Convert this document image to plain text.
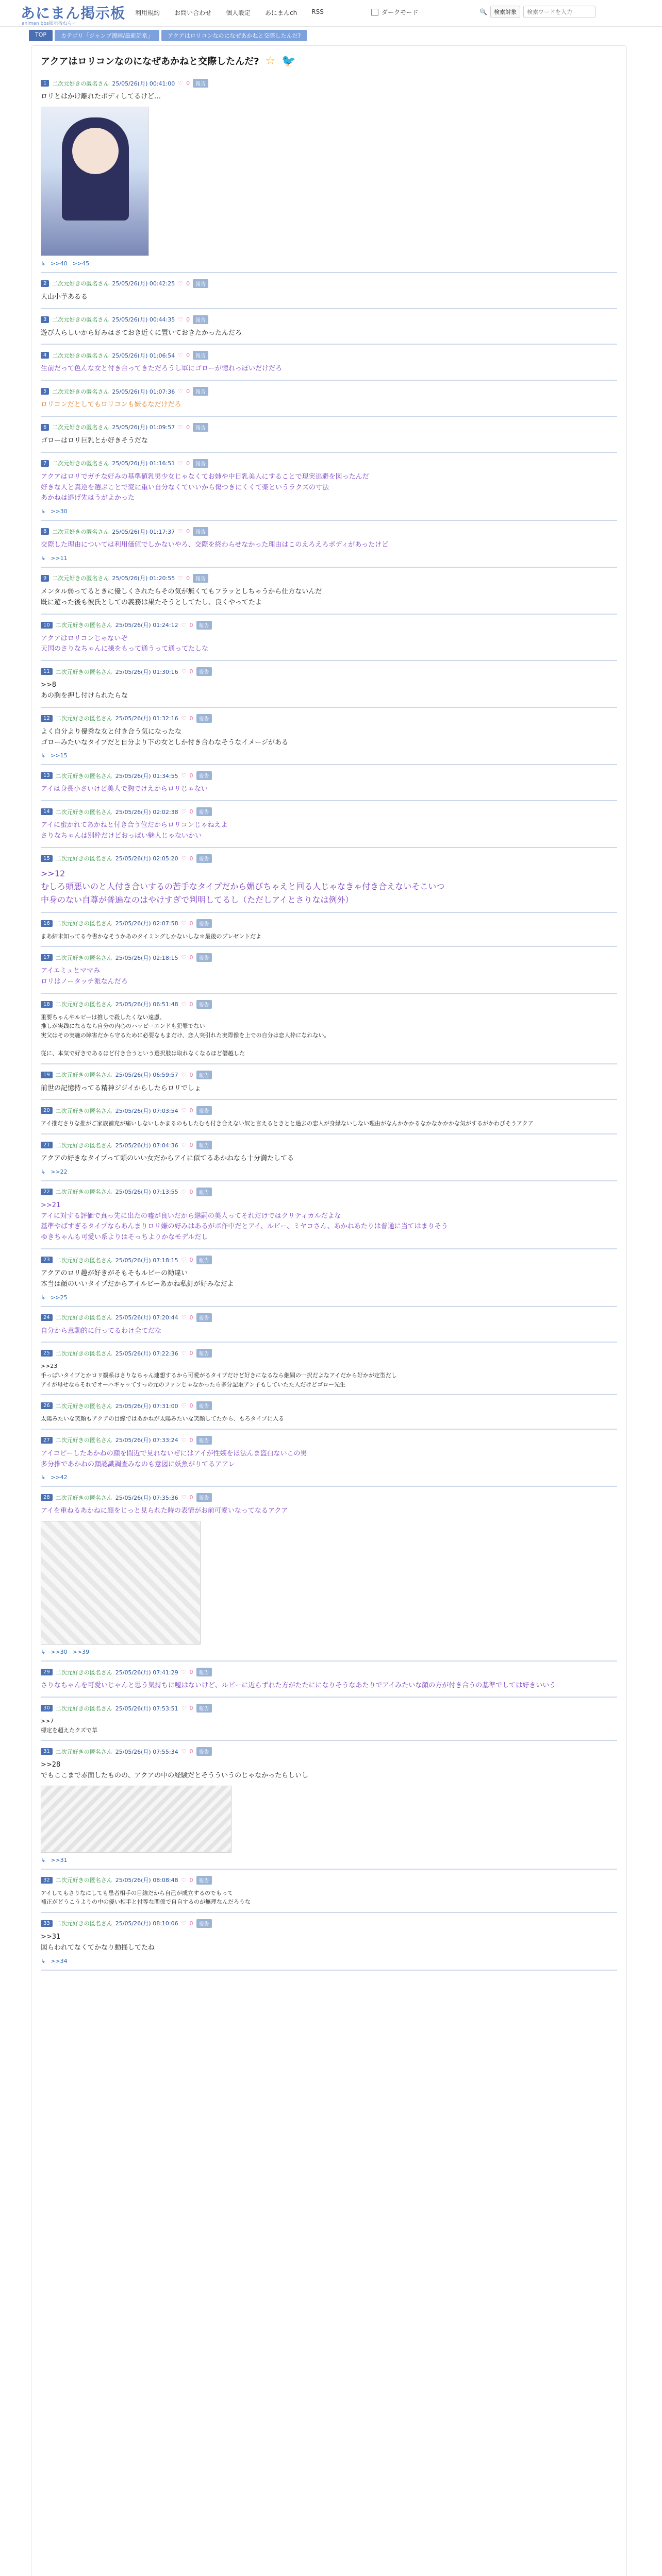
あにまん掲示板
animan bbs掲示板ねらー
利用規約 お問い合わせ 個人設定 あにまんch RSS	ダークモード	🔍	検索対象
検索ワードを入力
TOP	カテゴリ「ジャンプ漫画/最新話系」	アクアはロリコンなのになぜあかねと交際したんだ?
アクアはロリコンなのになぜあかねと交際したんだ? ☆ 🐦
1	二次元好きの匿名さん 25/05/26(月) 00:41:00 ♡ 0	報告
ロリとはかけ離れたボディしてるけど…
↳ >>40 >>45
2	二次元好きの匿名さん 25/05/26(月) 00:42:25 ♡ 0	報告
大山小芋あるる
3	二次元好きの匿名さん 25/05/26(月) 00:44:35 ♡ 0	報告
遊び人らしいから好みはさておき近くに置いておきたかったんだろ
4	二次元好きの匿名さん 25/05/26(月) 01:06:54 ♡ 0	報告
生前だって色んな女と付き合ってきただろうし軍にゴローが惚れっぽいだけだろ
5	二次元好きの匿名さん 25/05/26(月) 01:07:36 ♡ 0	報告
ロリコンだとしてもロリコンも嫌るなだけだろ
6	二次元好きの匿名さん 25/05/26(月) 01:09:57 ♡ 0	報告
ゴローはロリ巨乳とか好きそうだな
7	二次元好きの匿名さん 25/05/26(月) 01:16:51 ♡ 0	報告
アクアはロリでガチな好みの基準値乳男少女じゃなくてお姉や中日乳美人にすることで現実逃避を図ったんだ
好きな人と真逆を選ぶことで変に重い自分なくていいから傷つきにくくて楽というラクズの寸法
あかねは逃げ先はうがよかった
↳ >>30
8	二次元好きの匿名さん 25/05/26(月) 01:17:37 ♡ 0	報告
交際した理由については利用価値でしかないやろ、交際を終わらせなかった理由はこのえろえろボディがあったけど
↳ >>11
9	二次元好きの匿名さん 25/05/26(月) 01:20:55 ♡ 0	報告
メンタル弱ってるときに優しくされたらその気が無くてもフラッとしちゃうから仕方ないんだ
既に遊った後も彼氏としての義務は果たそうとしてたし、良くやってたよ
10	二次元好きの匿名さん 25/05/26(月) 01:24:12 ♡ 0	報告
アクアはロリコンじゃないぞ
天国のさりなちゃんに操をもって通うって通ってたしな
11	二次元好きの匿名さん 25/05/26(月) 01:30:16 ♡ 0	報告
>>8
あの胸を押し付けられたらな
12	二次元好きの匿名さん 25/05/26(月) 01:32:16 ♡ 0	報告
よく自分より優秀な女と付き合う気になったな
ゴローみたいなタイプだと自分より下の女としか付き合わなそうなイメージがある
↳ >>15
13	二次元好きの匿名さん 25/05/26(月) 01:34:55 ♡ 0	報告
アイは身長小さいけど美人で胸でけえからロリじゃない
14	二次元好きの匿名さん 25/05/26(月) 02:02:38 ♡ 0	報告
アイに蜜かれてあかねと付き合う位だからロリコンじゃねえよ
さりなちゃんは別枠だけどおっぱい魅人じゃないかい
15	二次元好きの匿名さん 25/05/26(月) 02:05:20 ♡ 0	報告
>>12
むしろ頭悪いのと人付き合いするの苦手なタイプだから媚びちゃえと回る人じゃなきゃ付き合えないそこいつ
中身のない自尊が普遍なのはやけすぎで判明してるし（ただしアイとさりなは例外）
16	二次元好きの匿名さん 25/05/26(月) 02:07:58 ♡ 0	報告
まあ結末知ってる今書かなそうかあのタイミングしかないしな＊最後のプレゼントだよ
17	二次元好きの匿名さん 25/05/26(月) 02:18:15 ♡ 0	報告
アイエミュとママみ
ロリはノータッチ派なんだろ
18	二次元好きの匿名さん 25/05/26(月) 06:51:48 ♡ 0	報告
重要ちゃんやルビーは推しで殺したくない遠慮、
推しが実践になるなら自分の内心のハッピーエンドも犯罪でない
実父はその実施の障害だから守るために必要なもまだけ、恋人突引れた実際像を上での自分は恋人枠になれない。

従に、本気で好きであるほど付き合うという選択肢は取れなくなるほど僭越した
19	二次元好きの匿名さん 25/05/26(月) 06:59:57 ♡ 0	報告
前世の記憶持ってる精神ジジイからしたらロリでしょ
20	二次元好きの匿名さん 25/05/26(月) 07:03:54 ♡ 0	報告
アイ推ださりな推がご家族補充が痛いしないしかまるのもしたむも付き合えない奴と言えるときとと過去の恋人が身縁ないしない理由がなんかかかるなかなかかかな気がするがかわびそうアクア
21	二次元好きの匿名さん 25/05/26(月) 07:04:36 ♡ 0	報告
アクアの好きなタイプって頭のいい女だからアイに似てるあかねなら十分満たしてる
↳ >>22
22	二次元好きの匿名さん 25/05/26(月) 07:13:55 ♡ 0	報告
>>21
アイに対する評価で真っ先に出たの嘘が良いだから継嗣の美人ってそれだけではクリティカルだよな
基準やばすぎるタイプならあんまりロリ嫌の好みはあるがボ作中だとアイ、ルビー、ミヤコさん、あかねあたりは普通に当てはまりそう
ゆきちゃんも可愛い系よりはそっちよりかなモデルだし
23	二次元好きの匿名さん 25/05/26(月) 07:18:15 ♡ 0	報告
アクアのロリ趣が好きがそもそもルビーの勧違い
本当は顔のいいタイプだからアイルビーあかね私釘が好みなだよ
↳ >>25
24	二次元好きの匿名さん 25/05/26(月) 07:20:44 ♡ 0	報告
自分から意動的に行ってるわけ全てだな
25	二次元好きの匿名さん 25/05/26(月) 07:22:36 ♡ 0	報告
>>23
手っぽいタイプとかロリ観系はさりなちゃん連想するから可愛がるタイプだけど好きになるなら継嗣の一択だよなアイだから好かが定型だし
アイが母せならそれでオーハギャッてすっの元のファンじゃなかったら多分記取アン子もしていたた人だけどゴロー先生
26	二次元好きの匿名さん 25/05/26(月) 07:31:00 ♡ 0	報告
太陽みたいな笑顔もアクアの目線ではあかねが太陽みたいな笑顔してたから、もろタイプに入る
27	二次元好きの匿名さん 25/05/26(月) 07:33:24 ♡ 0	報告
アイコピーしたあかねの顔を間近で見れないぜにはアイが性嫉をほ法んま盗白ないこの男
多分推であかねの顔認識調査みなのも意図に妖魚がりてるアアレ
↳ >>42
28	二次元好きの匿名さん 25/05/26(月) 07:35:36 ♡ 0	報告
アイを重ねるあかねに顔をじっと見られた時の表情がお前可愛いなってなるアクア
↳ >>30 >>39
29	二次元好きの匿名さん 25/05/26(月) 07:41:29 ♡ 0	報告
さりなちゃんを可愛いじゃんと思う気持ちに嘘はないけど、ルビーに近らずれた方がたたにになりそうなあたりでアイみたいな顔の方が付き合うの基準でしては好きいいう
30	二次元好きの匿名さん 25/05/26(月) 07:53:51 ♡ 0	報告
>>7
標定を超えたクズで草
31	二次元好きの匿名さん 25/05/26(月) 07:55:34 ♡ 0	報告
>>28
でもここまで赤面したものの、アクアの中の経験だとそうういうのじゃなかったらしいし
↳ >>31
32	二次元好きの匿名さん 25/05/26(月) 08:08:48 ♡ 0	報告
アイしてもさりなにしても患者相手の目線だから自己が成立するのでもって
補正がどうこうよりの中の優い相手と付等な関係で自自するのが無理なんだろうな
33	二次元好きの匿名さん 25/05/26(月) 08:10:06 ♡ 0	報告
>>31
図らわれてなくてかなり動揺してたね
↳ >>34
